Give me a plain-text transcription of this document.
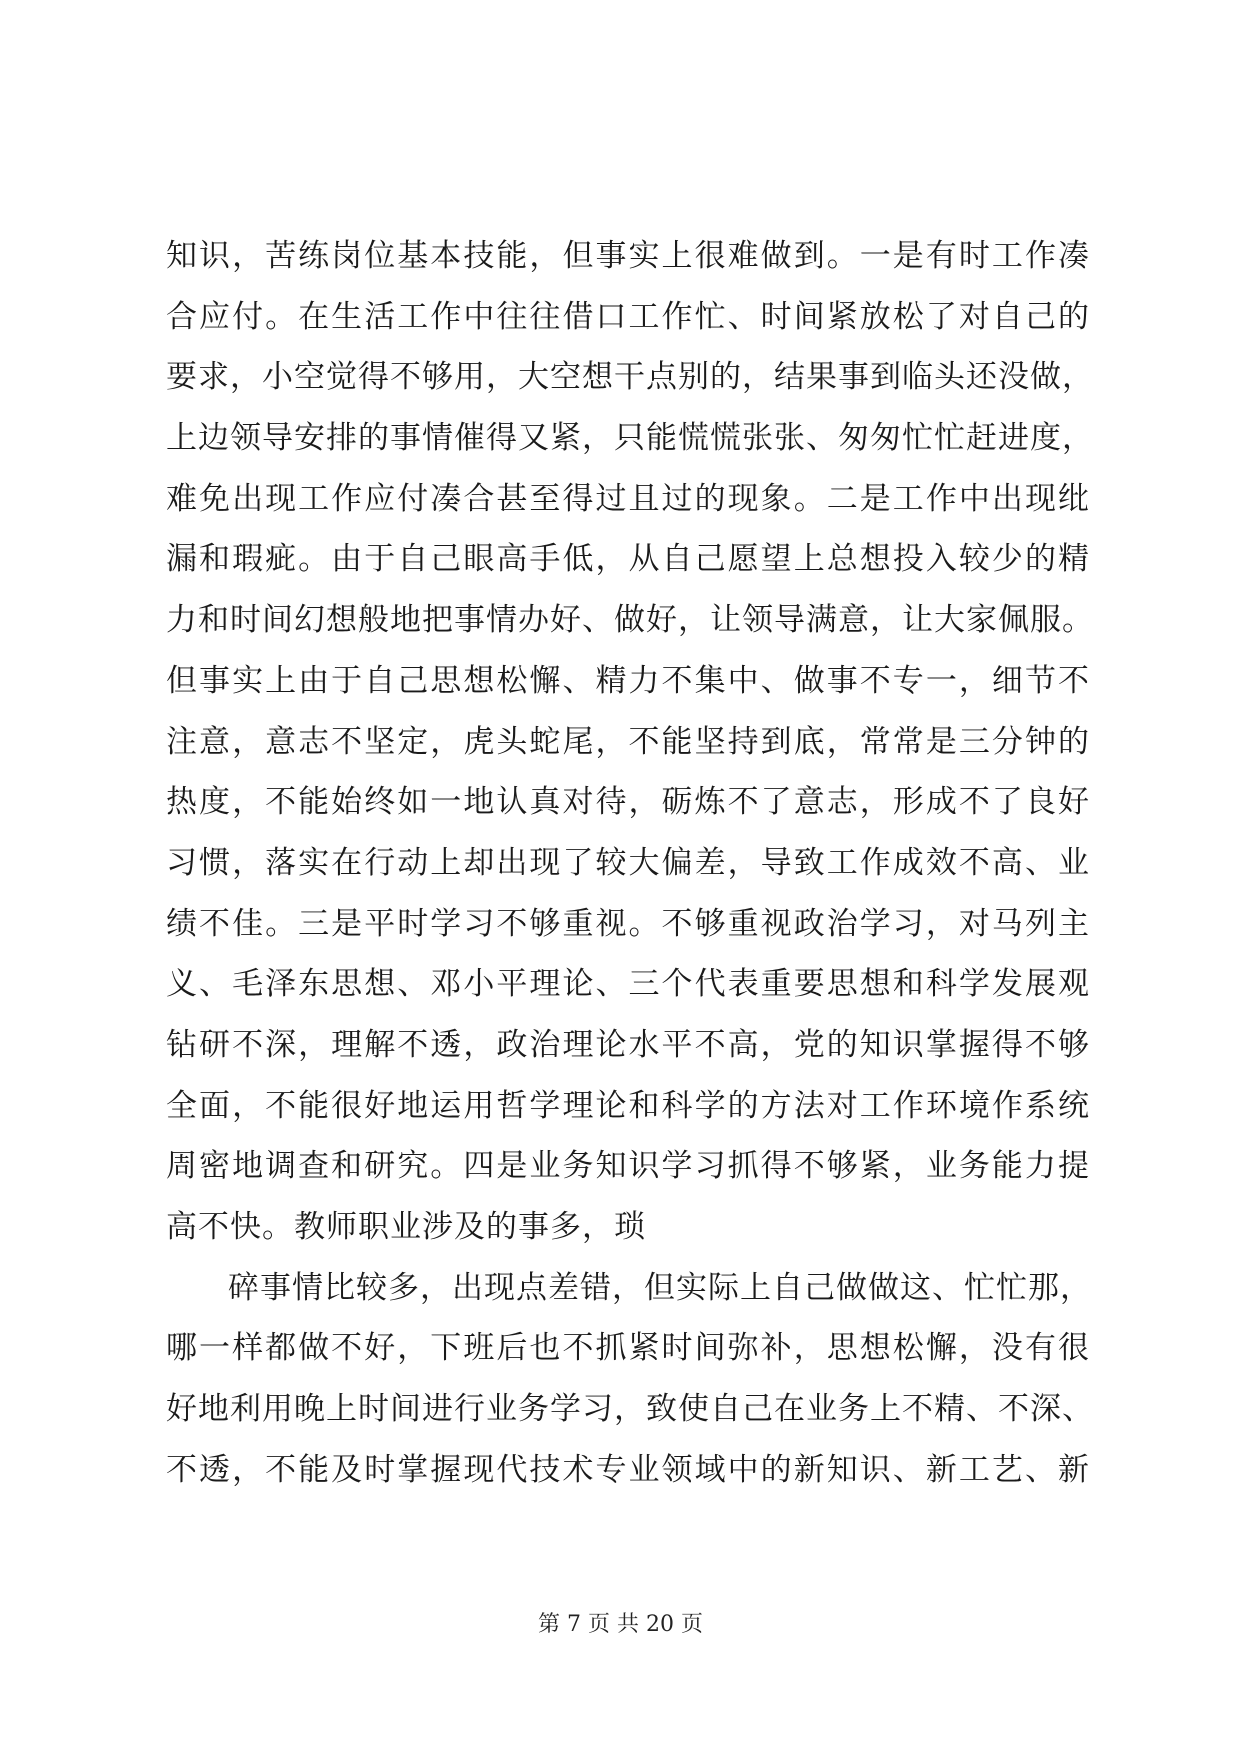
知识，苦练岗位基本技能，但事实上很难做到。一是有时工作凑
合应付。在生活工作中往往借口工作忙、时间紧放松了对自己的
要求，小空觉得不够用，大空想干点别的，结果事到临头还没做，
上边领导安排的事情催得又紧，只能慌慌张张、匆匆忙忙赶进度，
难免出现工作应付凑合甚至得过且过的现象。二是工作中出现纰
漏和瑕疵。由于自己眼高手低，从自己愿望上总想投入较少的精
力和时间幻想般地把事情办好、做好，让领导满意，让大家佩服。
但事实上由于自己思想松懈、精力不集中、做事不专一，细节不
注意，意志不坚定，虎头蛇尾，不能坚持到底，常常是三分钟的
热度，不能始终如一地认真对待，砺炼不了意志，形成不了良好
习惯，落实在行动上却出现了较大偏差，导致工作成效不高、业
绩不佳。三是平时学习不够重视。不够重视政治学习，对马列主
义、毛泽东思想、邓小平理论、三个代表重要思想和科学发展观
钻研不深，理解不透，政治理论水平不高，党的知识掌握得不够
全面，不能很好地运用哲学理论和科学的方法对工作环境作系统
周密地调查和研究。四是业务知识学习抓得不够紧，业务能力提
高不快。教师职业涉及的事多，琐
碎事情比较多，出现点差错，但实际上自己做做这、忙忙那，
哪一样都做不好，下班后也不抓紧时间弥补，思想松懈，没有很
好地利用晚上时间进行业务学习，致使自己在业务上不精、不深、
不透，不能及时掌握现代技术专业领域中的新知识、新工艺、新
第 7 页 共 20 页
